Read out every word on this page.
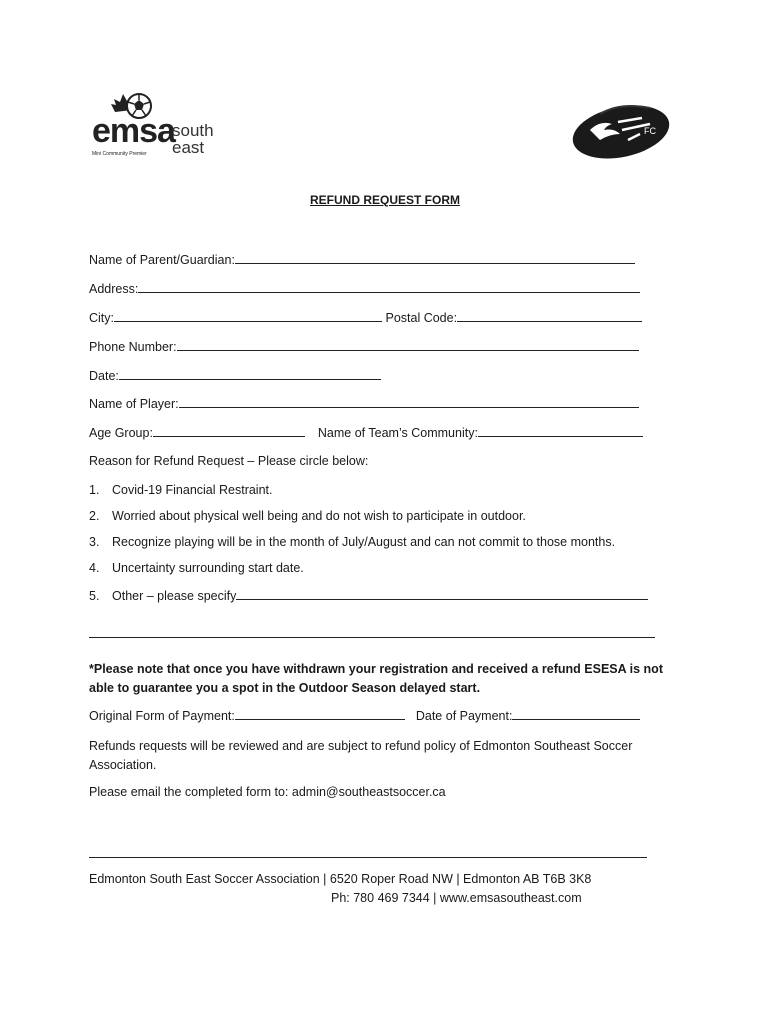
emsa
Mini Community Premier
south
east
FC
REFUND REQUEST FORM
Name of Parent/Guardian:
Address:
City:	Postal Code:
Phone Number:
Date:
Name of Player:
Age Group:	Name of Team’s Community:
Reason for Refund Request – Please circle below:
1. Covid-19 Financial Restraint.
2. Worried about physical well being and do not wish to participate in outdoor.
3. Recognize playing will be in the month of July/August and can not commit to those months.
4. Uncertainty surrounding start date.
5. Other – please specify
*Please note that once you have withdrawn your registration and received a refund ESESA is not able to guarantee you a spot in the Outdoor Season delayed start.
Original Form of Payment:	Date of Payment:
Refunds requests will be reviewed and are subject to refund policy of Edmonton Southeast Soccer Association.
Please email the completed form to: admin@southeastsoccer.ca
Edmonton South East Soccer Association | 6520 Roper Road NW | Edmonton AB T6B 3K8
Ph: 780 469 7344 | www.emsasoutheast.com
